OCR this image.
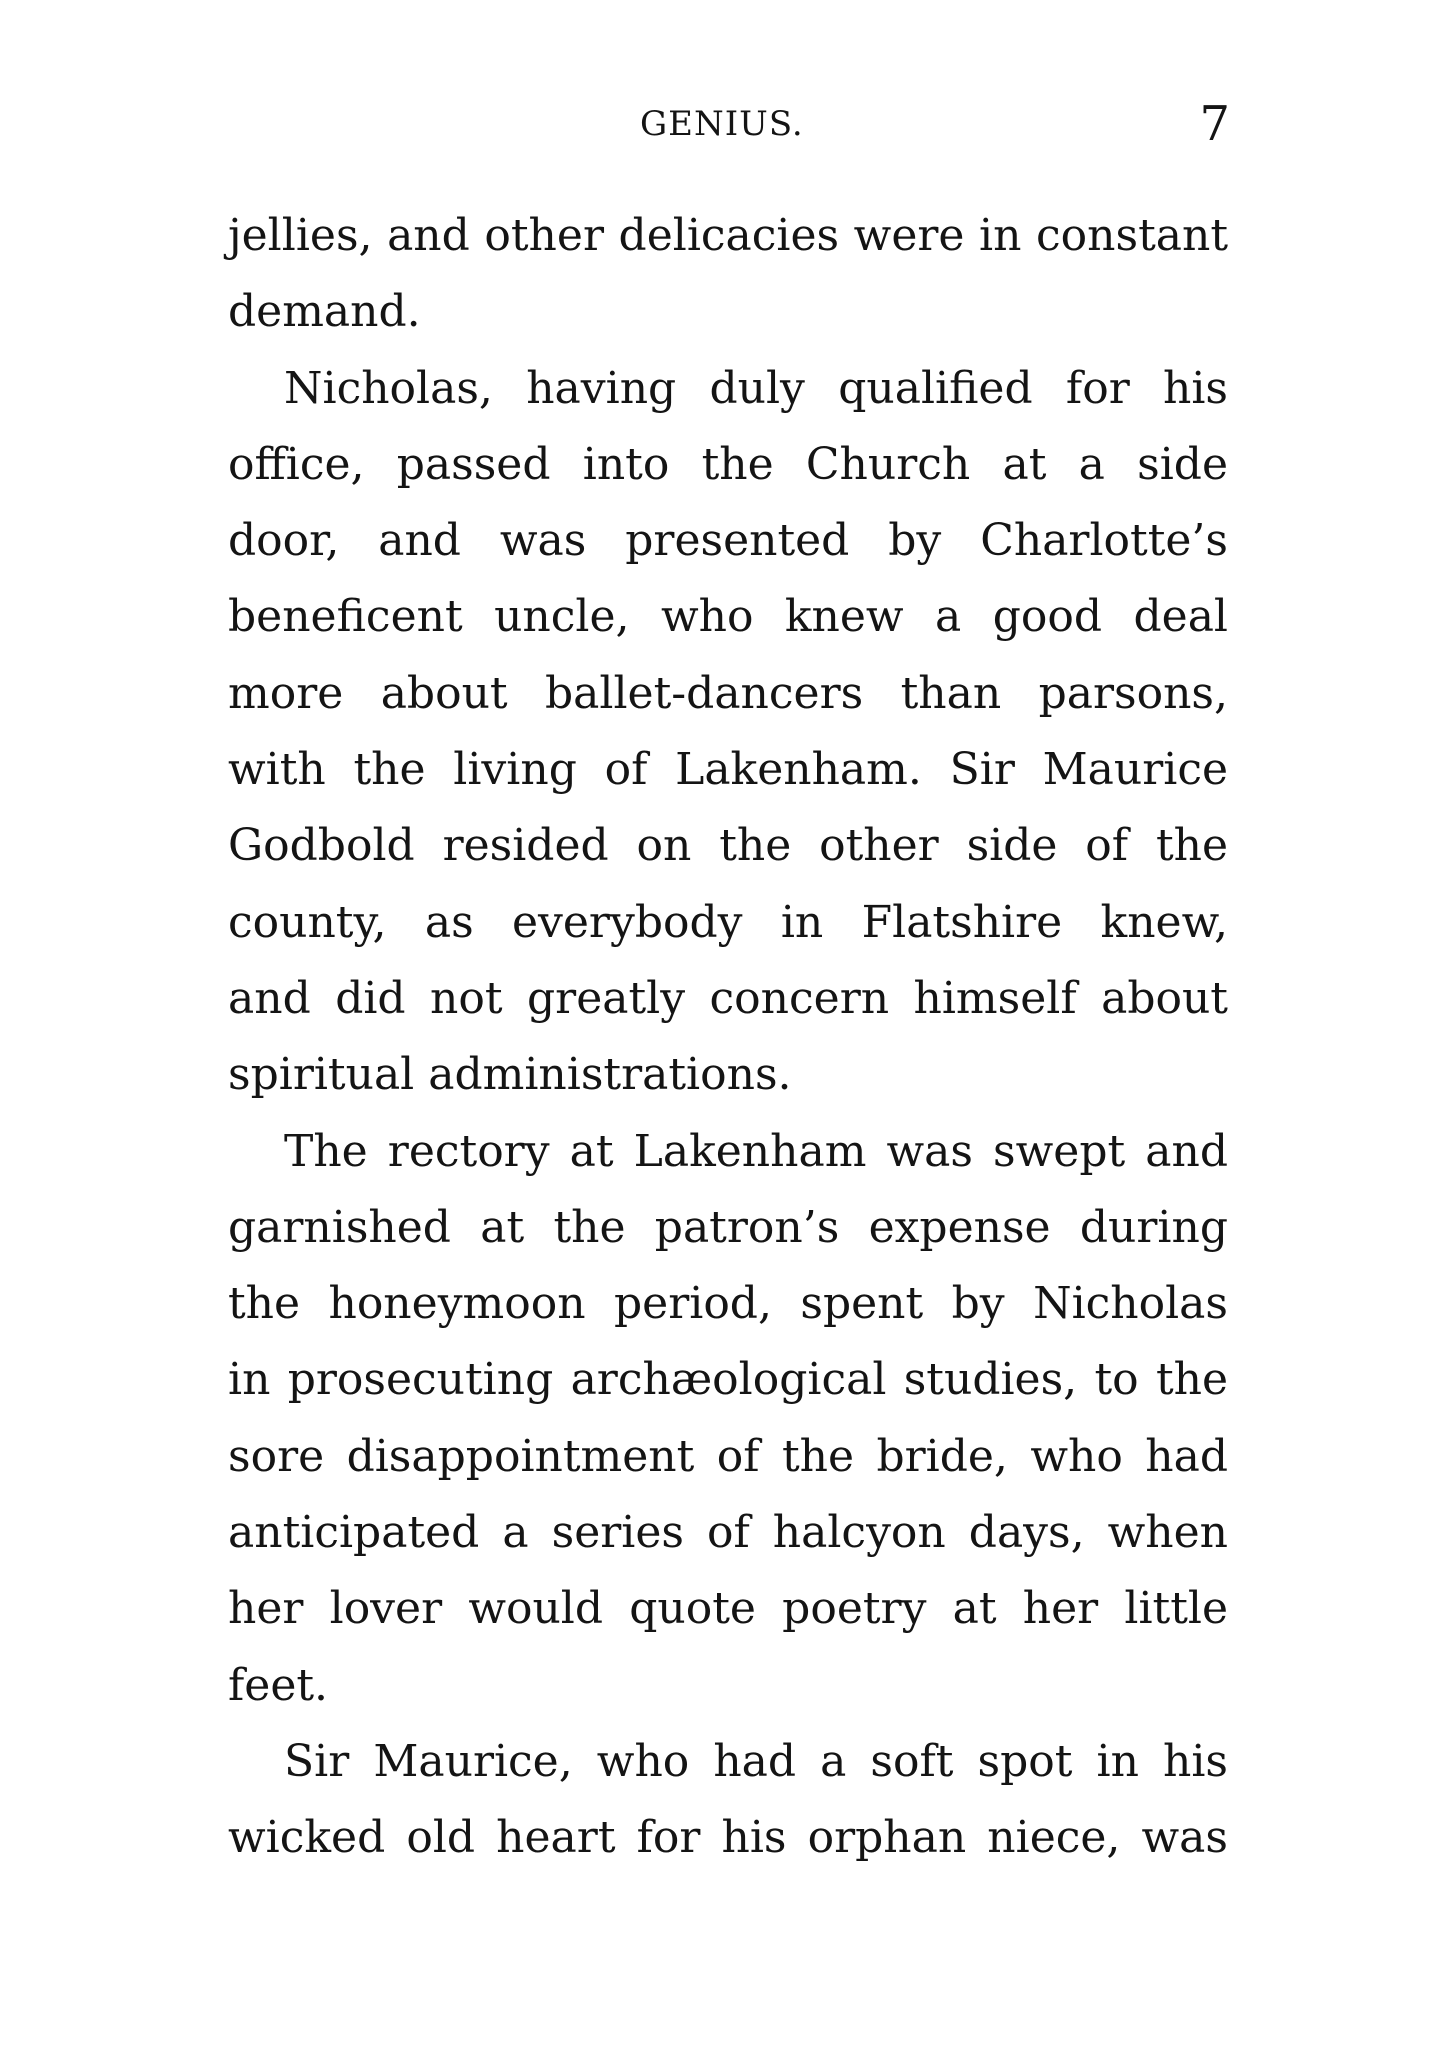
GENIUS.	7
jellies, and other delicacies were in constant
demand.
Nicholas, having duly qualified for his
office, passed into the Church at a side
door, and was presented by Charlotte’s
beneficent uncle, who knew a good deal
more about ballet-dancers than parsons,
with the living of Lakenham. Sir Maurice
Godbold resided on the other side of the
county, as everybody in Flatshire knew,
and did not greatly concern himself about
spiritual administrations.
The rectory at Lakenham was swept and
garnished at the patron’s expense during
the honeymoon period, spent by Nicholas
in prosecuting archæological studies, to the
sore disappointment of the bride, who had
anticipated a series of halcyon days, when
her lover would quote poetry at her little
feet.
Sir Maurice, who had a soft spot in his
wicked old heart for his orphan niece, was
